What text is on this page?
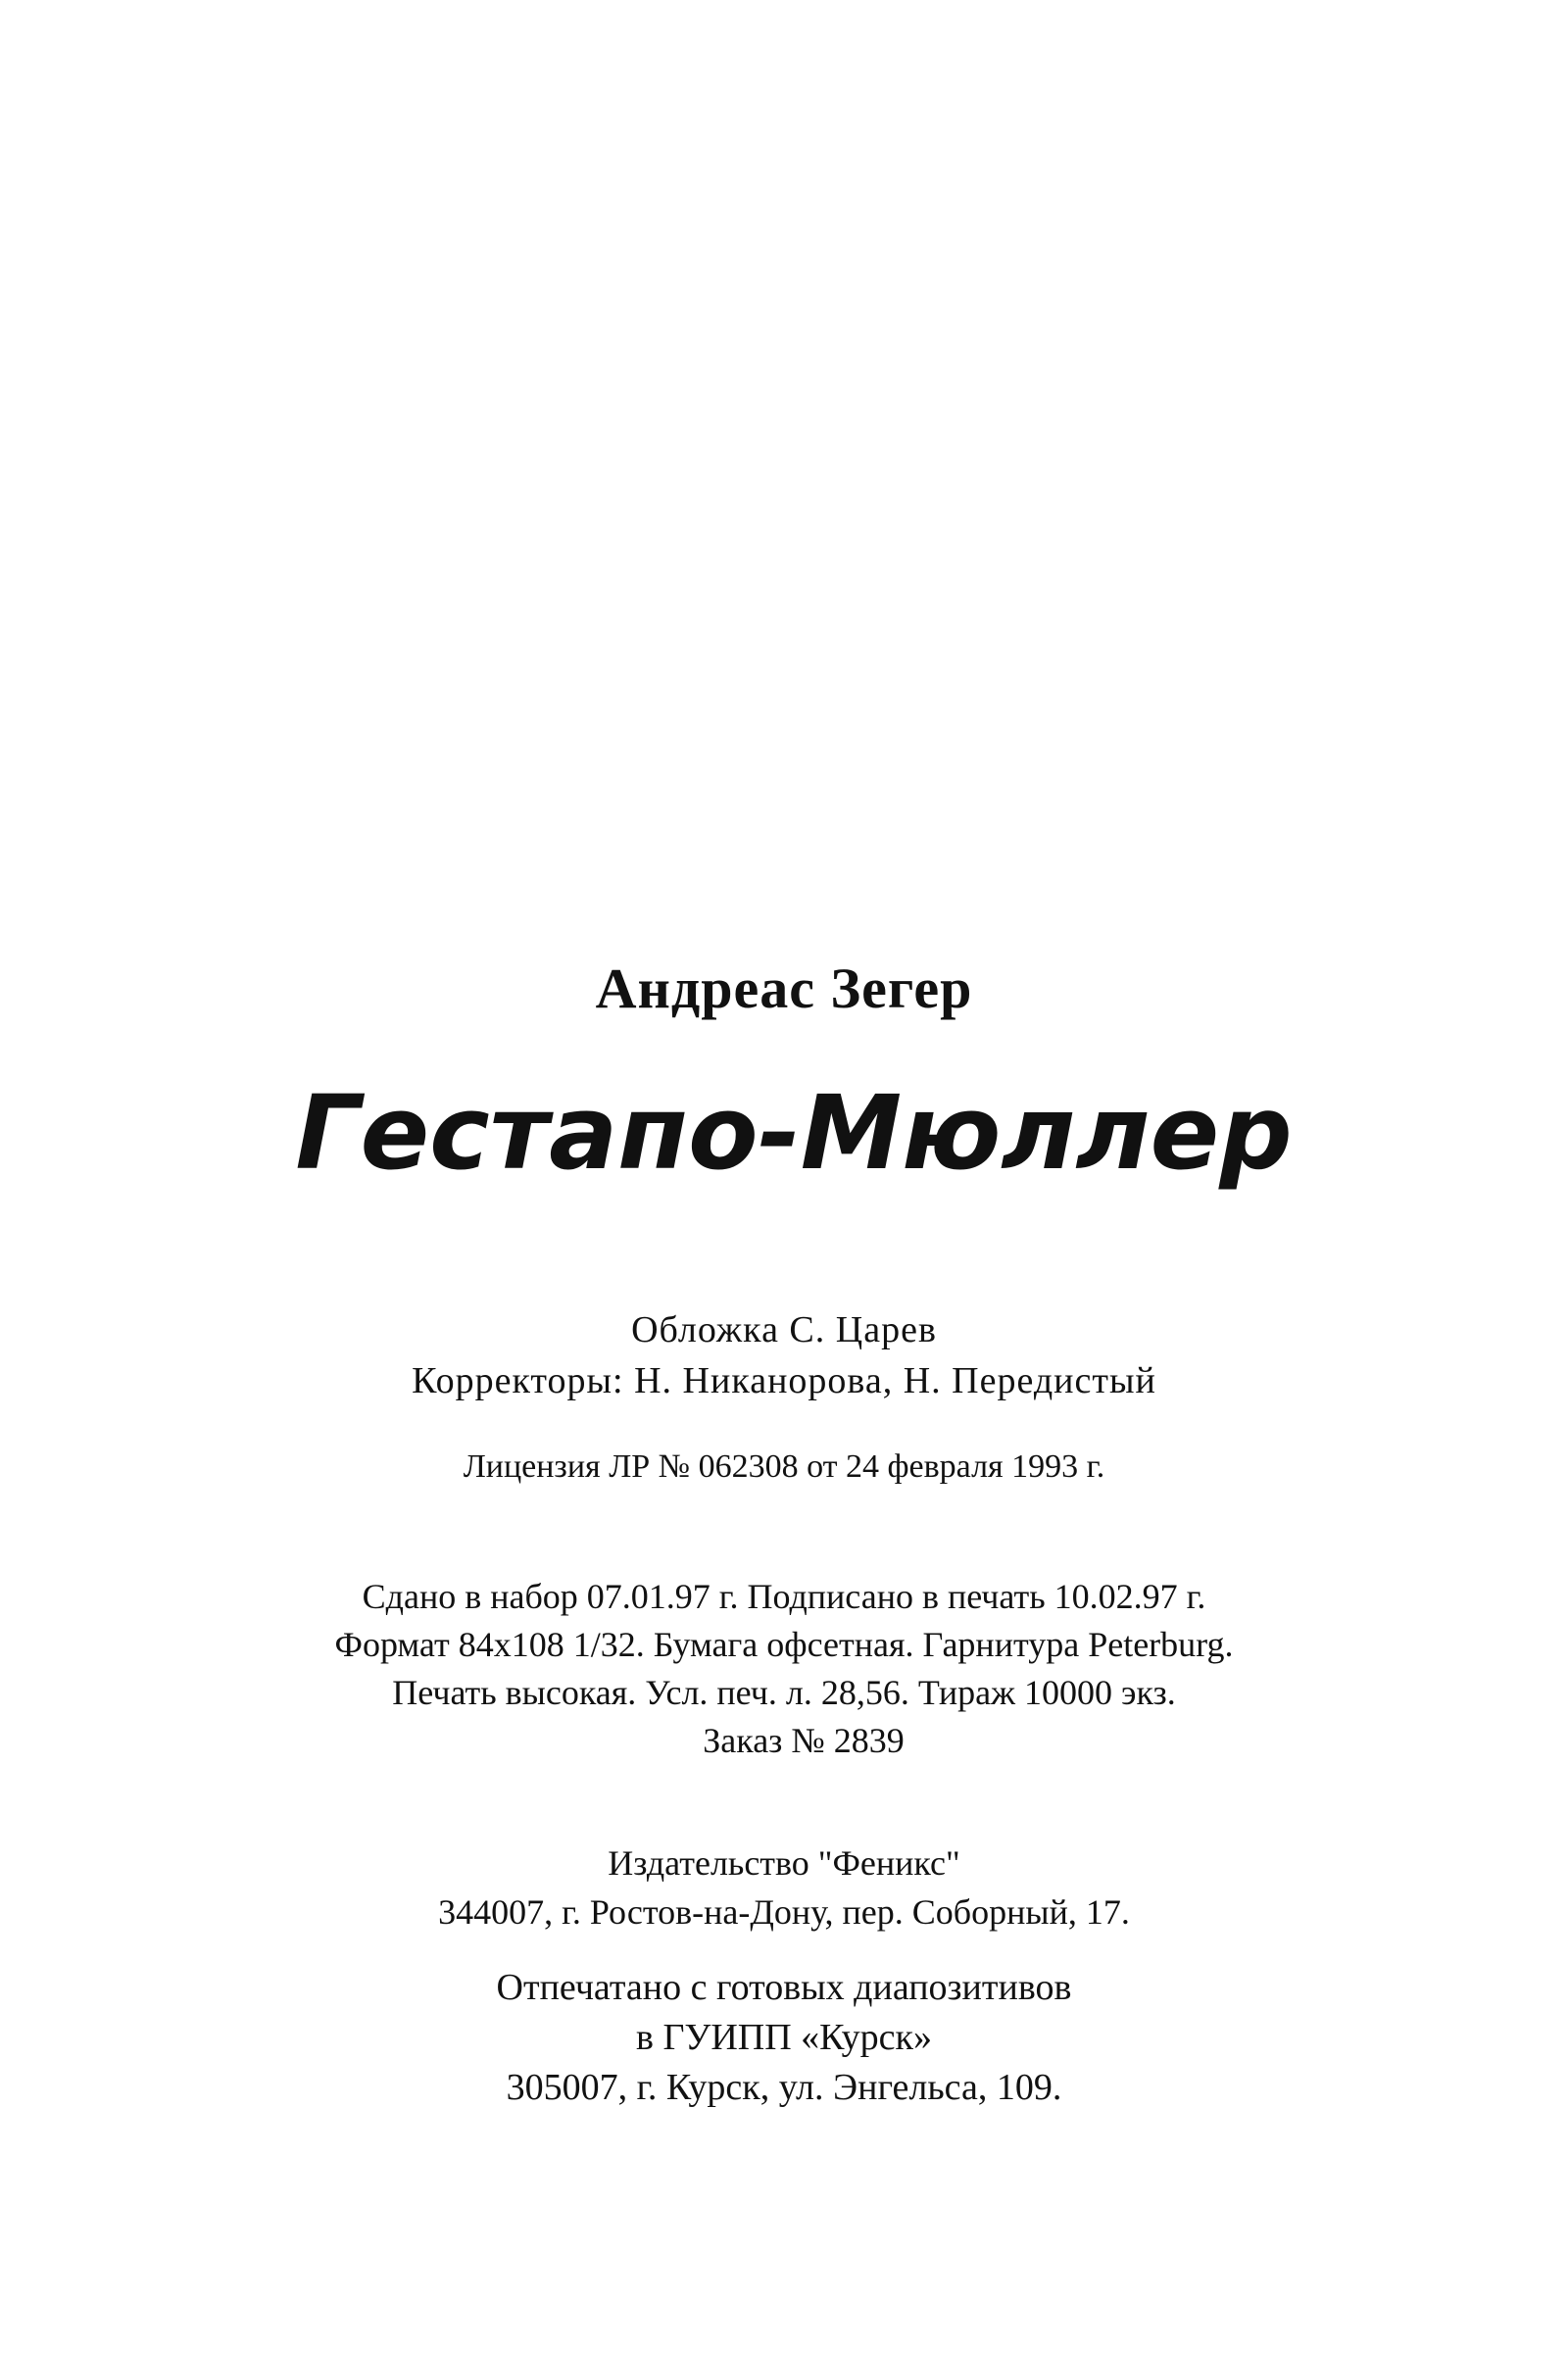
Андреас Зегер
Гестапо-Мюллер
Обложка С. Царев
Корректоры: Н. Никанорова, Н. Передистый
Лицензия ЛР № 062308 от 24 февраля 1993 г.
Сдано в набор 07.01.97 г. Подписано в печать 10.02.97 г.
Формат 84x108 1/32. Бумага офсетная. Гарнитура Peterburg.
Печать высокая. Усл. печ. л. 28,56. Тираж 10000 экз.
Заказ № 2839
Издательство "Феникс"
344007, г. Ростов-на-Дону, пер. Соборный, 17.
Отпечатано с готовых диапозитивов
в ГУИПП «Курск»
305007, г. Курск, ул. Энгельса, 109.
